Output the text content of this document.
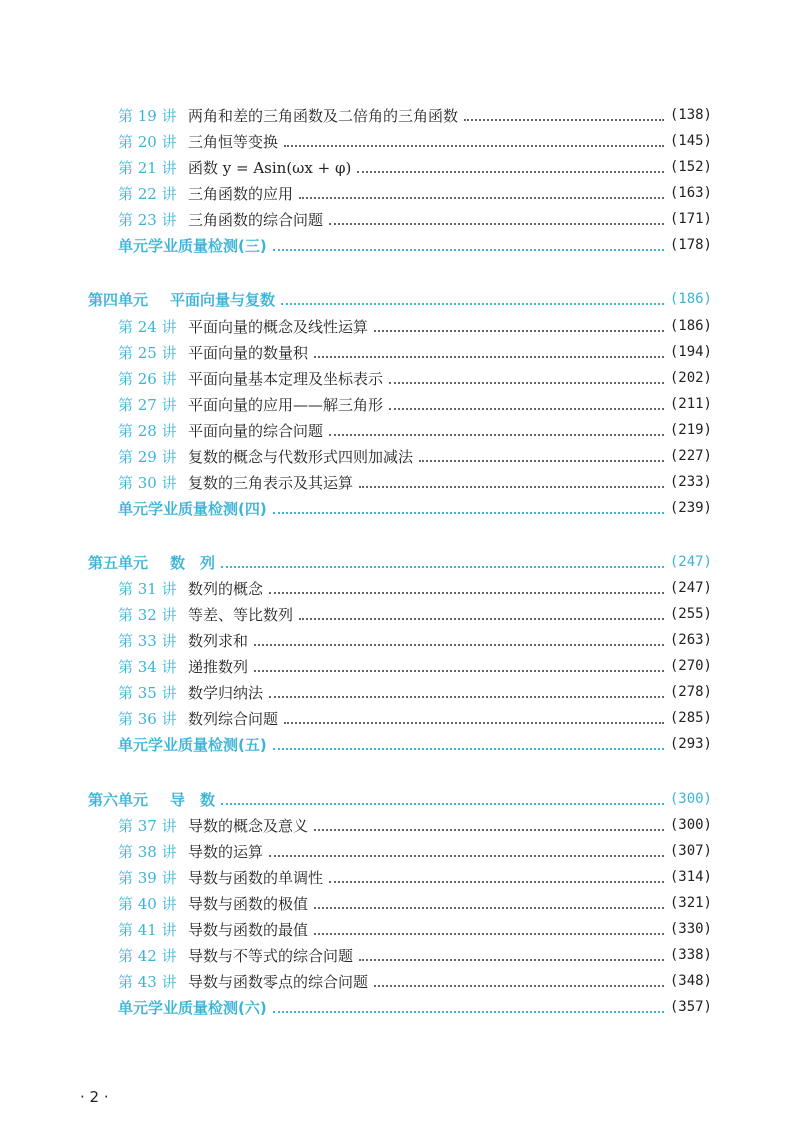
第 19 讲 两角和差的三角函数及二倍角的三角函数	(138)
第 20 讲 三角恒等变换	(145)
第 21 讲 函数 y = Asin(ωx + φ)	(152)
第 22 讲 三角函数的应用	(163)
第 23 讲 三角函数的综合问题	(171)
单元学业质量检测(三)	(178)
第四单元 平面向量与复数	(186)
第 24 讲 平面向量的概念及线性运算	(186)
第 25 讲 平面向量的数量积	(194)
第 26 讲 平面向量基本定理及坐标表示	(202)
第 27 讲 平面向量的应用——解三角形	(211)
第 28 讲 平面向量的综合问题	(219)
第 29 讲 复数的概念与代数形式四则加减法	(227)
第 30 讲 复数的三角表示及其运算	(233)
单元学业质量检测(四)	(239)
第五单元 数　列	(247)
第 31 讲 数列的概念	(247)
第 32 讲 等差、等比数列	(255)
第 33 讲 数列求和	(263)
第 34 讲 递推数列	(270)
第 35 讲 数学归纳法	(278)
第 36 讲 数列综合问题	(285)
单元学业质量检测(五)	(293)
第六单元 导　数	(300)
第 37 讲 导数的概念及意义	(300)
第 38 讲 导数的运算	(307)
第 39 讲 导数与函数的单调性	(314)
第 40 讲 导数与函数的极值	(321)
第 41 讲 导数与函数的最值	(330)
第 42 讲 导数与不等式的综合问题	(338)
第 43 讲 导数与函数零点的综合问题	(348)
单元学业质量检测(六)	(357)
· 2 ·
